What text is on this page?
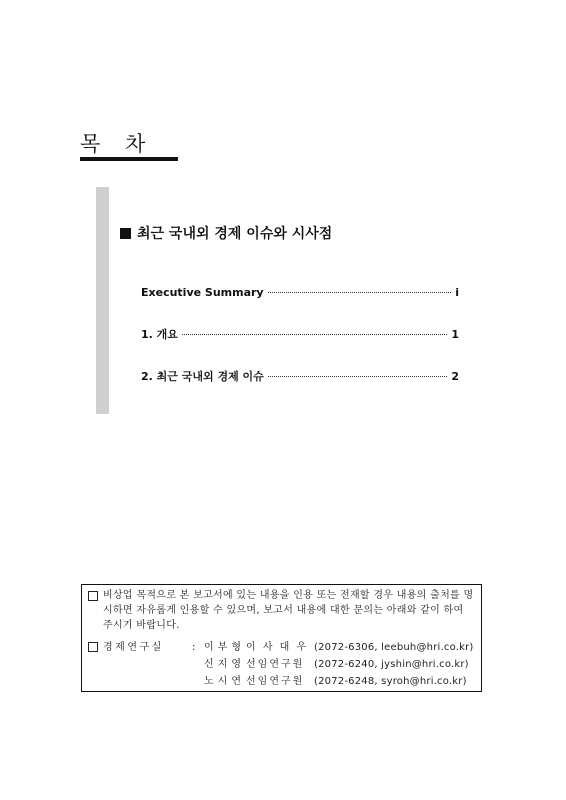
목 차
최근 국내외 경제 이슈와 시사점
Executive Summary	i
1. 개요	1
2. 최근 국내외 경제 이슈	2
비상업 목적으로 본 보고서에 있는 내용을 인용 또는 전재할 경우 내용의 출처를 명시하면 자유롭게 인용할 수 있으며, 보고서 내용에 대한 문의는 아래와 같이 하여 주시기 바랍니다.
경제연구실	: 이부형 이 사 대 우 (2072-6306, leebuh@hri.co.kr)
신지영 선임연구원 (2072-6240, jyshin@hri.co.kr)
노시연 선임연구원 (2072-6248, syroh@hri.co.kr)
